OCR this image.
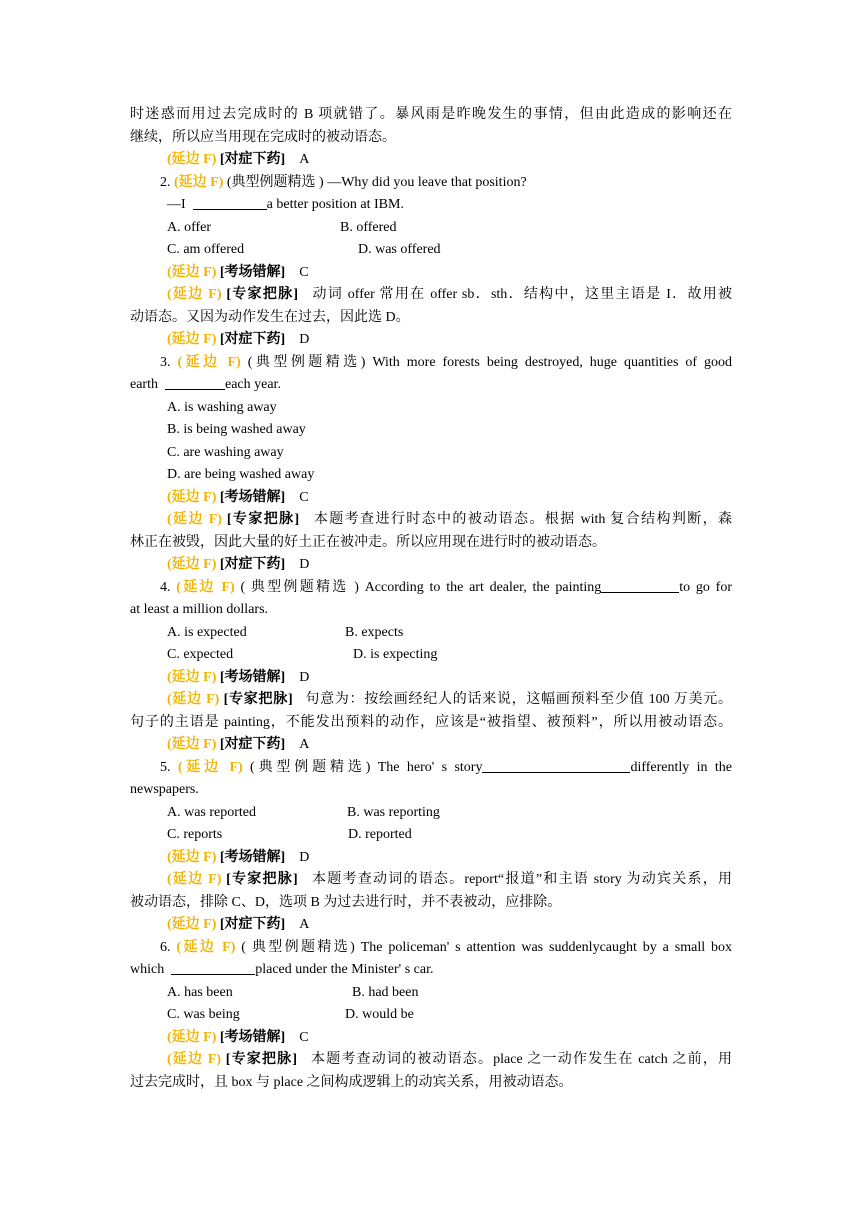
时迷惑而用过去完成时的 B 项就错了。暴风雨是昨晚发生的事情，但由此造成的影响还在
继续，所以应当用现在完成时的被动语态。
(延边 F) [对症下药] A
2. (延边 F) (典型例题精选 ) —Why did you leave that position?
—I	a better position at IBM.
A. offer	B. offered
C. am offered	D. was offered
(延边 F) [考场错解] C
(延边 F) [专家把脉] 动词 offer 常用在 offer sb．sth．结构中，这里主语是 I．故用被
动语态。又因为动作发生在过去，因此选 D。
(延边 F) [对症下药] D
3. (延边 F) (典型例题精选) With more forests being destroyed, huge quantities of good
earth	each year.
A. is washing away
B. is being washed away
C. are washing away
D. are being washed away
(延边 F) [考场错解] C
(延边 F) [专家把脉] 本题考查进行时态中的被动语态。根据 with 复合结构判断，森
林正在被毁，因此大量的好土正在被冲走。所以应用现在进行时的被动语态。
(延边 F) [对症下药] D
4. (延边 F) ( 典型例题精选 ) According to the art dealer, the painting	to go for
at least a million dollars.
A. is expected	B. expects
C. expected	D. is expecting
(延边 F) [考场错解] D
(延边 F) [专家把脉] 句意为：按绘画经纪人的话来说，这幅画预料至少值 100 万美元。
句子的主语是 painting，不能发出预料的动作，应该是“被指望、被预料”，所以用被动语态。
(延边 F) [对症下药] A
5. (延边 F) (典型例题精选) The hero' s story	differently in the
newspapers.
A. was reported	B. was reporting
C. reports	D. reported
(延边 F) [考场错解] D
(延边 F) [专家把脉] 本题考查动词的语态。report“报道”和主语 story 为动宾关系，用
被动语态，排除 C、D，选项 B 为过去进行时，并不表被动，应排除。
(延边 F) [对症下药] A
6. (延边 F) ( 典型例题精选) The policeman' s attention was suddenlycaught by a small box
which	placed under the Minister' s car.
A. has been	B. had been
C. was being	D. would be
(延边 F) [考场错解] C
(延边 F) [专家把脉] 本题考查动词的被动语态。place 之一动作发生在 catch 之前，用
过去完成时，且 box 与 place 之间构成逻辑上的动宾关系，用被动语态。
